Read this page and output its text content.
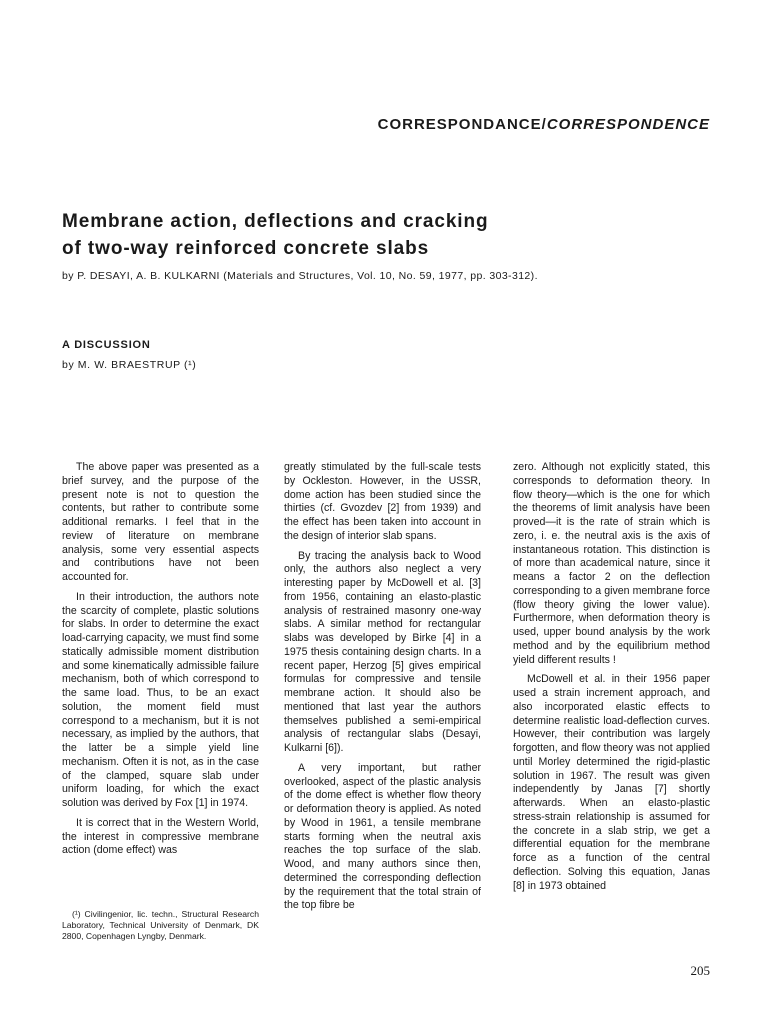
CORRESPONDANCE/CORRESPONDENCE
Membrane action, deflections and cracking
of two-way reinforced concrete slabs
by P. DESAYI, A. B. KULKARNI (Materials and Structures, Vol. 10, No. 59, 1977, pp. 303-312).
A DISCUSSION
by M. W. BRAESTRUP (¹)

The above paper was presented as a brief survey, and the purpose of the present note is not to question the contents, but rather to contribute some additional remarks. I feel that in the review of literature on membrane analysis, some very essential aspects and contributions have not been accounted for.

In their introduction, the authors note the scarcity of complete, plastic solutions for slabs. In order to determine the exact load-carrying capacity, we must find some statically admissible moment distribution and some kinematically admissible failure mechanism, both of which correspond to the same load. Thus, to be an exact solution, the moment field must correspond to a mechanism, but it is not necessary, as implied by the authors, that the latter be a simple yield line mechanism. Often it is not, as in the case of the clamped, square slab under uniform loading, for which the exact solution was derived by Fox [1] in 1974.

It is correct that in the Western World, the interest in compressive membrane action (dome effect) was

greatly stimulated by the full-scale tests by Ockleston. However, in the USSR, dome action has been studied since the thirties (cf. Gvozdev [2] from 1939) and the effect has been taken into account in the design of interior slab spans.

By tracing the analysis back to Wood only, the authors also neglect a very interesting paper by McDowell et al. [3] from 1956, containing an elasto-plastic analysis of restrained masonry one-way slabs. A similar method for rectangular slabs was developed by Birke [4] in a 1975 thesis containing design charts. In a recent paper, Herzog [5] gives empirical formulas for compressive and tensile membrane action. It should also be mentioned that last year the authors themselves published a semi-empirical analysis of rectangular slabs (Desayi, Kulkarni [6]).

A very important, but rather overlooked, aspect of the plastic analysis of the dome effect is whether flow theory or deformation theory is applied. As noted by Wood in 1961, a tensile membrane starts forming when the neutral axis reaches the top surface of the slab. Wood, and many authors since then, determined the corresponding deflection by the requirement that the total strain of the top fibre be

zero. Although not explicitly stated, this corresponds to deformation theory. In flow theory—which is the one for which the theorems of limit analysis have been proved—it is the rate of strain which is zero, i. e. the neutral axis is the axis of instantaneous rotation. This distinction is of more than academical nature, since it means a factor 2 on the deflection corresponding to a given membrane force (flow theory giving the lower value). Furthermore, when deformation theory is used, upper bound analysis by the work method and by the equilibrium method yield different results !

McDowell et al. in their 1956 paper used a strain increment approach, and also incorporated elastic effects to determine realistic load-deflection curves. However, their contribution was largely forgotten, and flow theory was not applied until Morley determined the rigid-plastic solution in 1967. The result was given independently by Janas [7] shortly afterwards. When an elasto-plastic stress-strain relationship is assumed for the concrete in a slab strip, we get a differential equation for the membrane force as a function of the central deflection. Solving this equation, Janas [8] in 1973 obtained

(¹) Civilingenior, lic. techn., Structural Research Laboratory, Technical University of Denmark, DK 2800, Copenhagen Lyngby, Denmark.

205
